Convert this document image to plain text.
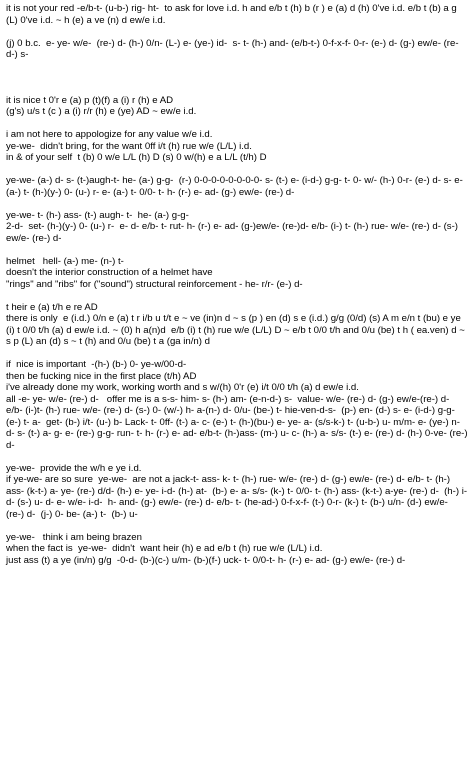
it is not your red -e/b-t- (u-b-) rig- ht-  to ask for love i.d. h and e/b t (h) b (r ) e (a) d (h) 0've i.d. e/b t (b) a g (L) 0've i.d. ~ h (e) a ve (n) d ew/e i.d.
(j) 0 b.c.  e- ye- w/e-  (re-) d- (h-) 0/n- (L-) e- (ye-) id-  s- t- (h-) and- (e/b-t-) 0-f-x-f- 0-r- (e-) d- (g-) ew/e- (re-d-) s-
it is nice t 0'r e (a) p (t)(f) a (i) r (h) e AD
(g's) u/s t (c ) a (i) r/r (h) e (ye) AD ~ ew/e i.d.
i am not here to appologize for any value w/e i.d.
ye-we-  didn't bring, for the want 0ff i/t (h) rue w/e (L/L) i.d.
in & of your self  t (b) 0 w/e L/L (h) D (s) 0 w/(h) e a L/L (t/h) D
ye-we- (a-) d- s- (t-)augh-t- he- (a-) g-g-  (r-) 0-0-0-0-0-0-0-0- s- (t-) e- (i-d-) g-g- t- 0- w/- (h-) 0-r- (e-) d- s- e- (a-) t- (h-)(y-) 0- (u-) r- e- (a-) t- 0/0- t- h- (r-) e- ad- (g-) ew/e- (re-) d-
ye-we- t- (h-) ass- (t-) augh- t-  he- (a-) g-g-
2-d-  set- (h-)(y-) 0- (u-) r-  e- d- e/b- t- rut- h- (r-) e- ad- (g-)ew/e- (re-)d- e/b- (i-) t- (h-) rue- w/e- (re-) d- (s-) ew/e- (re-) d-
helmet   hell- (a-) me- (n-) t-
doesn't the interior construction of a helmet have
"rings" and "ribs" for ("sound") structural reinforcement - he- r/r- (e-) d-
t heir e (a) t/h e re AD
there is only  e (i.d.) 0/n e (a) t r i/b u t/t e ~ ve (in)n d ~ s (p ) en (d) s e (i.d.) g/g (0/d) (s) A m e/n t (bu) e ye (i) t 0/0 t/h (a) d ew/e i.d. ~ (0) h a(n)d  e/b (i) t (h) rue w/e (L/L) D ~ e/b t 0/0 t/h and 0/u (be) t h ( ea.ven) d ~ s p (L) an (d) s ~ t (h) and 0/u (be) t a (ga in/n) d
if  nice is important  -(h-) (b-) 0- ye-w/00-d-
then be fucking nice in the first place (t/h) AD
i've already done my work, working worth and s w/(h) 0'r (e) i/t 0/0 t/h (a) d ew/e i.d.
all -e- ye- w/e- (re-) d-   offer me is a s-s- him- s- (h-) am- (e-n-d-) s-  value- w/e- (re-) d- (g-) ew/e-(re-) d- e/b- (i-)t- (h-) rue- w/e- (re-) d- (s-) 0- (w/-) h- a-(n-) d- 0/u- (be-) t- hie-ven-d-s-  (p-) en- (d-) s- e- (i-d-) g-g-  (e-) t- a-  get- (b-) i/t- (u-) b- Lack- t- 0ff- (t-) a- c- (e-) t- (h-)(bu-) e- ye- a- (s/s-k-) t- (u-b-) u- m/m- e- (ye-) n- d- s- (t-) a- g- e- (re-) g-g- run- t- h- (r-) e- ad- e/b-t- (h-)ass- (m-) u- c- (h-) a- s/s- (t-) e- (re-) d- (h-) 0-ve- (re-) d-
ye-we-  provide the w/h e ye i.d.
if ye-we- are so sure  ye-we-  are not a jack-t- ass- k- t- (h-) rue- w/e- (re-) d- (g-) ew/e- (re-) d- e/b- t- (h-) ass- (k-t-) a- ye- (re-) d/d- (h-) e- ye- i-d- (h-) at-  (b-) e- a- s/s- (k-) t- 0/0- t- (h-) ass- (k-t-) a-ye- (re-) d-  (h-) i-d- (s-) u- d- e- w/e- i-d-  h- and- (g-) ew/e- (re-) d- e/b- t- (he-ad-) 0-f-x-f- (t-) 0-r- (k-) t- (b-) u/n- (d-) ew/e- (re-) d-  (j-) 0- be- (a-) t-  (b-) u-
ye-we-   think i am being brazen
when the fact is  ye-we-  didn't  want heir (h) e ad e/b t (h) rue w/e (L/L) i.d.
just ass (t) a ye (in/n) g/g  -0-d- (b-)(c-) u/m- (b-)(f-) uck- t- 0/0-t- h- (r-) e- ad- (g-) ew/e- (re-) d-
